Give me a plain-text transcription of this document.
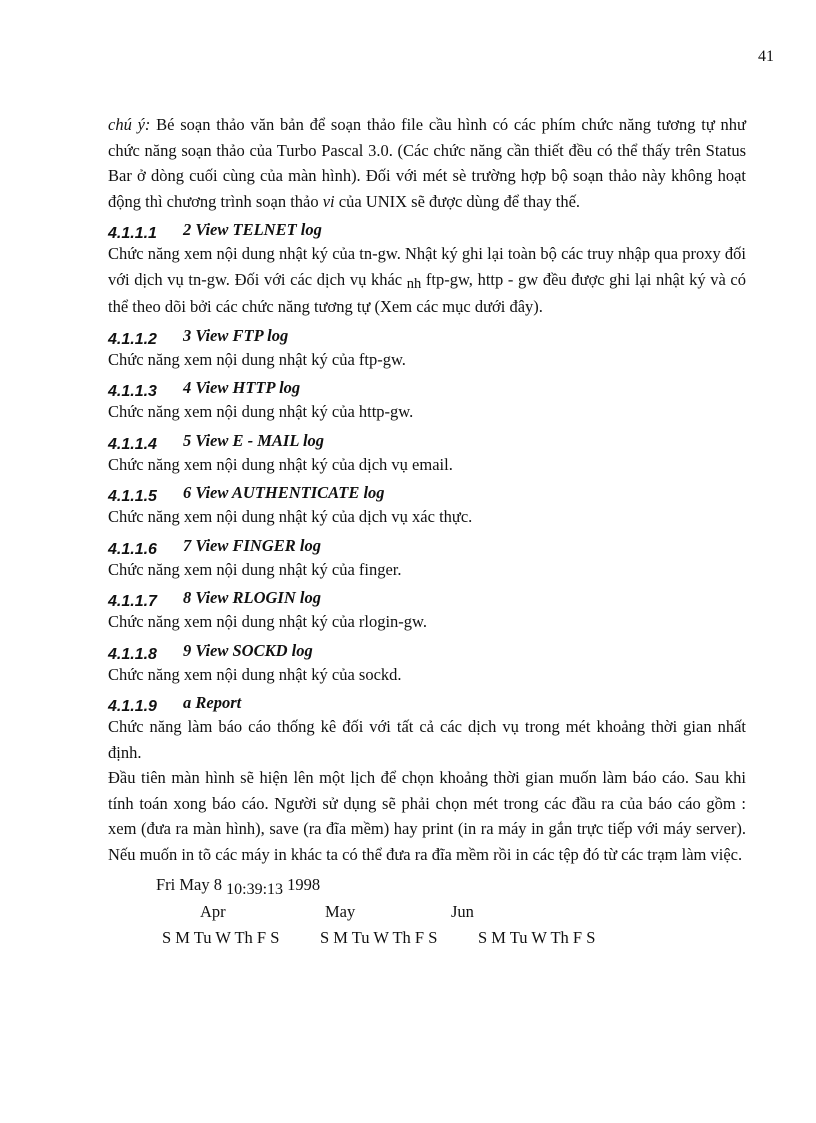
41

chú ý: Bé soạn thảo văn bản để soạn thảo file cầu hình có các phím chức năng tương tự như chức năng soạn thảo của Turbo Pascal 3.0. (Các chức năng cần thiết đều có thể thấy trên Status Bar ở dòng cuối cùng của màn hình). Đối với mét sè trường hợp bộ soạn thảo này không hoạt động thì chương trình soạn thảo vi của UNIX sẽ được dùng để thay thế.

4.1.1.1 2 View TELNET log

Chức năng xem nội dung nhật ký của tn-gw. Nhật ký ghi lại toàn bộ các truy nhập qua proxy đối với dịch vụ tn-gw. Đối với các dịch vụ khác nh ftp-gw, http - gw đều được ghi lại nhật ký và có thể theo dõi bởi các chức năng tương tự (Xem các mục dưới đây).

4.1.1.2 3 View FTP log

Chức năng xem nội dung nhật ký của ftp-gw.

4.1.1.3 4 View HTTP log

Chức năng xem nội dung nhật ký của http-gw.

4.1.1.4 5 View E - MAIL log

Chức năng xem nội dung nhật ký của dịch vụ email.

4.1.1.5 6 View AUTHENTICATE log

Chức năng xem nội dung nhật ký của dịch vụ xác thực.

4.1.1.6 7 View FINGER log

Chức năng xem nội dung nhật ký của finger.

4.1.1.7 8 View RLOGIN log

Chức năng xem nội dung nhật ký của rlogin-gw.

4.1.1.8 9 View SOCKD log

Chức năng xem nội dung nhật ký của sockd.

4.1.1.9 a Report

Chức năng làm báo cáo thống kê đối với tất cả các dịch vụ trong mét khoảng thời gian nhất định.

Đầu tiên màn hình sẽ hiện lên một lịch để chọn khoảng thời gian muốn làm báo cáo. Sau khi tính toán xong báo cáo. Người sử dụng sẽ phải chọn mét trong các đầu ra của báo cáo gồm : xem (đưa ra màn hình), save (ra đĩa mềm) hay print (in ra máy in gắn trực tiếp với máy server). Nếu muốn in tõ các máy in khác ta có thể đưa ra đĩa mềm rồi in các tệp đó từ các trạm làm việc.

Fri May 8 10:39:13 1998
Apr	May	Jun
S M Tu W Th F S S M Tu W Th F S S M Tu W Th F S
